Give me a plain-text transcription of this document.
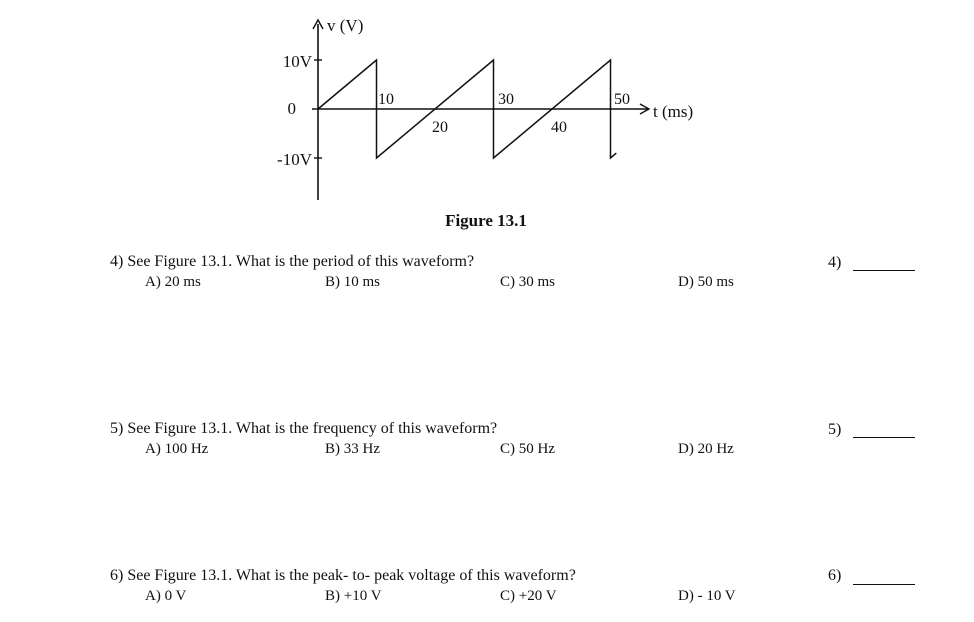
v (V)
10V
0
-10V
t (ms)
10
20
30
40
50
Figure 13.1
4) See Figure 13.1. What is the period of this waveform?
A) 20 ms	B) 10 ms	C) 30 ms	D) 50 ms
4)
5) See Figure 13.1. What is the frequency of this waveform?
A) 100 Hz	B) 33 Hz	C) 50 Hz	D) 20 Hz
5)
6) See Figure 13.1. What is the peak- to- peak voltage of this waveform?
A) 0 V	B) +10 V	C) +20 V	D) - 10 V
6)
